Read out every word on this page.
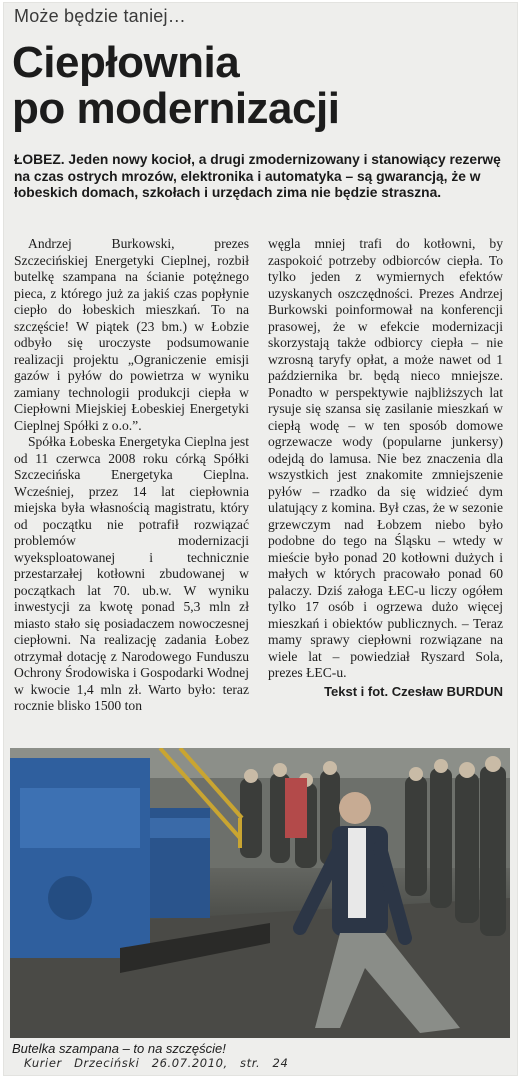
Może będzie taniej…
Ciepłownia
po modernizacji
ŁOBEZ. Jeden nowy kocioł, a drugi zmodernizowany i stanowiący rezerwę na czas ostrych mrozów, elektronika i automatyka – są gwarancją, że w łobeskich domach, szkołach i urzędach zima nie będzie straszna.

Andrzej Burkowski, prezes Szczecińskiej Energetyki Cieplnej, rozbił butelkę szampana na ścianie potężnego pieca, z którego już za jakiś czas popłynie ciepło do łobeskich mieszkań. To na szczęście! W piątek (23 bm.) w Łobzie odbyło się uroczyste podsumowanie realizacji projektu „Ograniczenie emisji gazów i pyłów do powietrza w wyniku zamiany technologii produkcji ciepła w Ciepłowni Miejskiej Łobeskiej Energetyki Cieplnej Spółki z o.o.”.

Spółka Łobeska Energetyka Cieplna jest od 11 czerwca 2008 roku córką Spółki Szczecińska Energetyka Cieplna. Wcześniej, przez 14 lat ciepłownia miejska była własnością magistratu, który od początku nie potrafił rozwiązać problemów modernizacji wyeksploatowanej i technicznie przestarzałej kotłowni zbudowanej w początkach lat 70. ub.w. W wyniku inwestycji za kwotę ponad 5,3 mln zł miasto stało się posiadaczem nowoczesnej ciepłowni. Na realizację zadania Łobez otrzymał dotację z Narodowego Funduszu Ochrony Środowiska i Gospodarki Wodnej w kwocie 1,4 mln zł. Warto było: teraz rocznie blisko 1500 ton

węgla mniej trafi do kotłowni, by zaspokoić potrzeby odbiorców ciepła. To tylko jeden z wymiernych efektów uzyskanych oszczędności. Prezes Andrzej Burkowski poinformował na konferencji prasowej, że w efekcie modernizacji skorzystają także odbiorcy ciepła – nie wzrosną taryfy opłat, a może nawet od 1 października br. będą nieco mniejsze. Ponadto w perspektywie najbliższych lat rysuje się szansa się zasilanie mieszkań w ciepłą wodę – w ten sposób domowe ogrzewacze wody (popularne junkersy) odejdą do lamusa. Nie bez znaczenia dla wszystkich jest znakomite zmniejszenie pyłów – rzadko da się widzieć dym ulatujący z komina. Był czas, że w sezonie grzewczym nad Łobzem niebo było podobne do tego na Śląsku – wtedy w mieście było ponad 20 kotłowni dużych i małych w których pracowało ponad 60 palaczy. Dziś załoga ŁEC-u liczy ogółem tylko 17 osób i ogrzewa dużo więcej mieszkań i obiektów publicznych. – Teraz mamy sprawy ciepłowni rozwiązane na wiele lat – powiedział Ryszard Sola, prezes ŁEC-u.

Tekst i fot. Czesław BURDUN
Butelka szampana – to na szczęście!
Kurier Drzeciński 26.07.2010, str. 24
